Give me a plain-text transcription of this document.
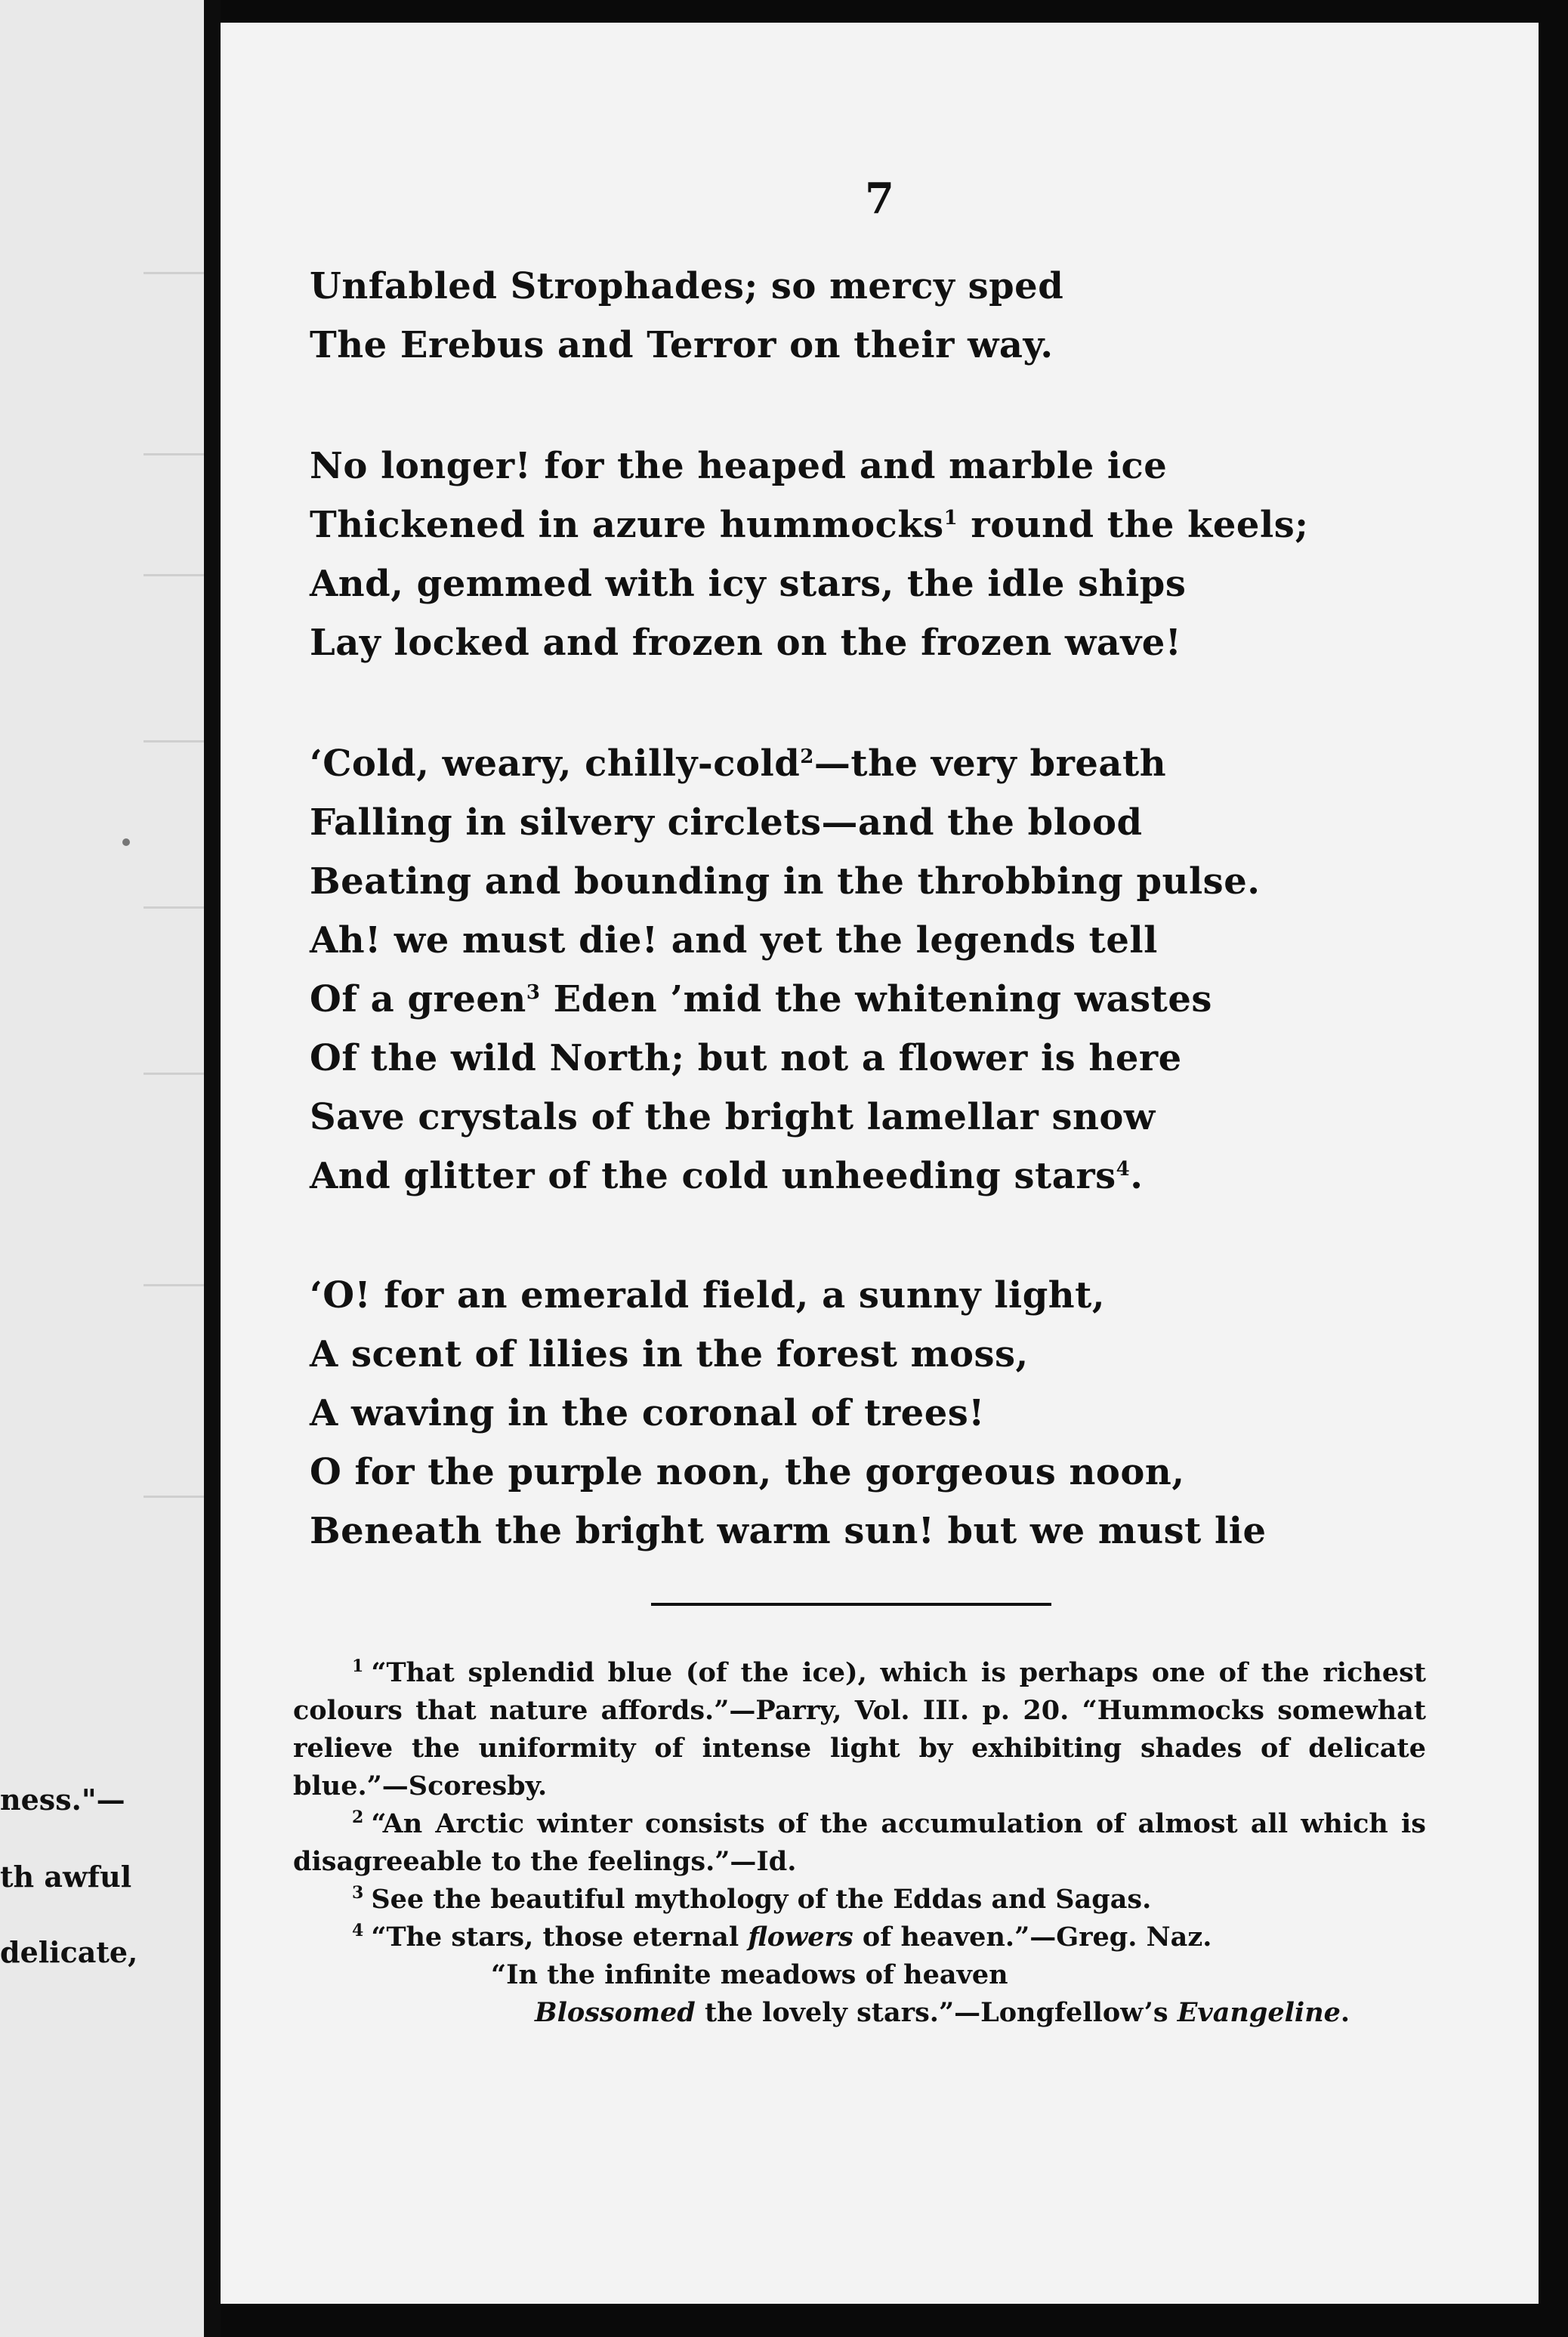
ness."—
th awful
delicate,
7
Unfabled Strophades; so mercy sped
The Erebus and Terror on their way.
No longer! for the heaped and marble ice
Thickened in azure hummocks$^1$ round the keels;
And, gemmed with icy stars, the idle ships
Lay locked and frozen on the frozen wave!
‘Cold, weary, chilly-cold$^2$—the very breath
Falling in silvery circlets—and the blood
Beating and bounding in the throbbing pulse.
Ah! we must die! and yet the legends tell
Of a green$^3$ Eden ’mid the whitening wastes
Of the wild North; but not a flower is here
Save crystals of the bright lamellar snow
And glitter of the cold unheeding stars$^4$.
‘O! for an emerald field, a sunny light,
A scent of lilies in the forest moss,
A waving in the coronal of trees!
O for the purple noon, the gorgeous noon,
Beneath the bright warm sun! but we must lie
$^1$ “That splendid blue (of the ice), which is perhaps one of the richest colours that nature affords.”—Parry, Vol. III. p. 20. “Hummocks somewhat relieve the uniformity of intense light by exhibiting shades of delicate blue.”—Scoresby.
$^2$ “An Arctic winter consists of the accumulation of almost all which is disagreeable to the feelings.”—Id.
$^3$ See the beautiful mythology of the Eddas and Sagas.
$^4$ “The stars, those eternal flowers of heaven.”—Greg. Naz.
“In the infinite meadows of heaven
Blossomed the lovely stars.”—Longfellow’s Evangeline.
